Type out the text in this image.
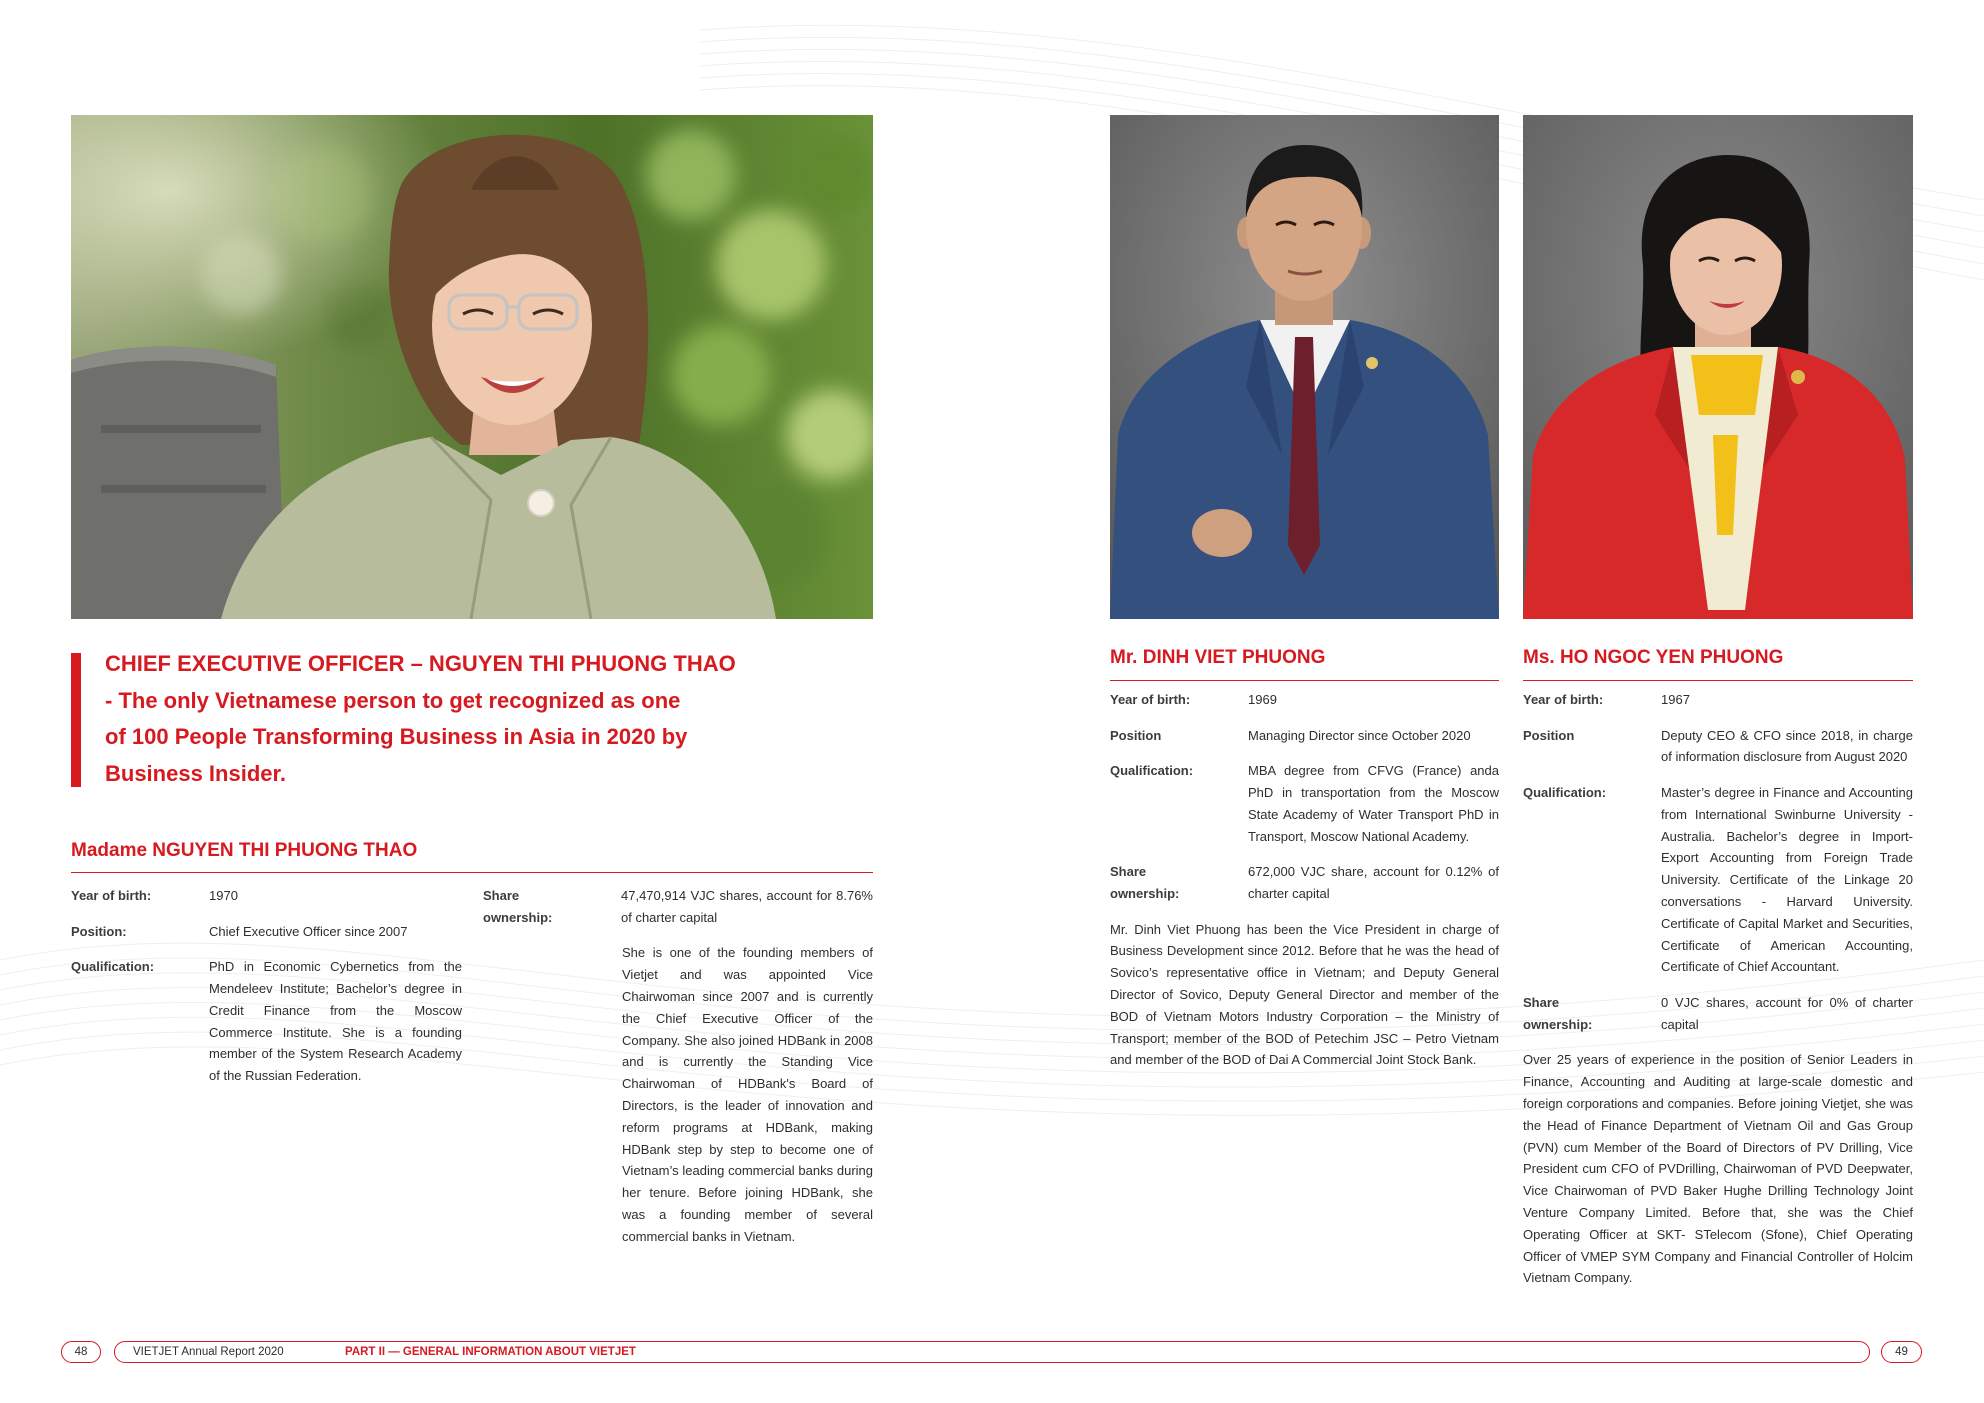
CHIEF EXECUTIVE OFFICER – NGUYEN THI PHUONG THAO
- The only Vietnamese person to get recognized as one
of 100 People Transforming Business in Asia in 2020 by
Business Insider.
Madame NGUYEN THI PHUONG THAO
Year of birth:	1970
Position:	Chief Executive Officer since 2007
Qualification:	PhD in Economic Cybernetics from the Mendeleev Institute; Bachelor’s degree in Credit Finance from the Moscow Commerce Institute. She is a founding member of the System Research Academy of the Russian Federation.
Share ownership:
47,470,914 VJC shares, account for 8.76% of charter capital
She is one of the founding members of Vietjet and was appointed Vice Chairwoman since 2007 and is currently the Chief Executive Officer of the Company. She also joined HDBank in 2008 and is currently the Standing Vice Chairwoman of HDBank's Board of Directors, is the leader of innovation and reform programs at HDBank, making HDBank step by step to become one of Vietnam’s leading commercial banks during her tenure. Before joining HDBank, she was a founding member of several commercial banks in Vietnam.
Mr. DINH VIET PHUONG
Year of birth:	1969
Position	Managing Director since October 2020
Qualification:	MBA degree from CFVG (France) anda PhD in transportation from the Moscow State Academy of Water Transport PhD in Transport, Moscow National Academy.
Share ownership:
672,000 VJC share, account for 0.12% of charter capital
Mr. Dinh Viet Phuong has been the Vice President in charge of Business Development since 2012. Before that he was the head of Sovico’s representative office in Vietnam; and Deputy General Director of Sovico, Deputy General Director and member of the BOD of Vietnam Motors Industry Corporation – the Ministry of Transport; member of the BOD of Petechim JSC – Petro Vietnam and member of the BOD of Dai A Commercial Joint Stock Bank.
Ms. HO NGOC YEN PHUONG
Year of birth:	1967
Position	Deputy CEO & CFO since 2018, in charge of information disclosure from August 2020
Qualification:	Master’s degree in Finance and Accounting from International Swinburne University - Australia. Bachelor’s degree in Import-Export Accounting from Foreign Trade University. Certificate of the Linkage 20 conversations - Harvard University. Certificate of Capital Market and Securities, Certificate of American Accounting, Certificate of Chief Accountant.
Share ownership:
0 VJC shares, account for 0% of charter capital
Over 25 years of experience in the position of Senior Leaders in Finance, Accounting and Auditing at large-scale domestic and foreign corporations and companies. Before joining Vietjet, she was the Head of Finance Department of Vietnam Oil and Gas Group (PVN) cum Member of the Board of Directors of PV Drilling, Vice President cum CFO of PVDrilling, Chairwoman of PVD Deepwater, Vice Chairwoman of PVD Baker Hughe Drilling Technology Joint Venture Company Limited. Before that, she was the Chief Operating Officer at SKT- STelecom (Sfone), Chief Operating Officer of VMEP SYM Company and Financial Controller of Holcim Vietnam Company.
48	VIETJET Annual Report 2020	PART II — GENERAL INFORMATION ABOUT VIETJET	49
